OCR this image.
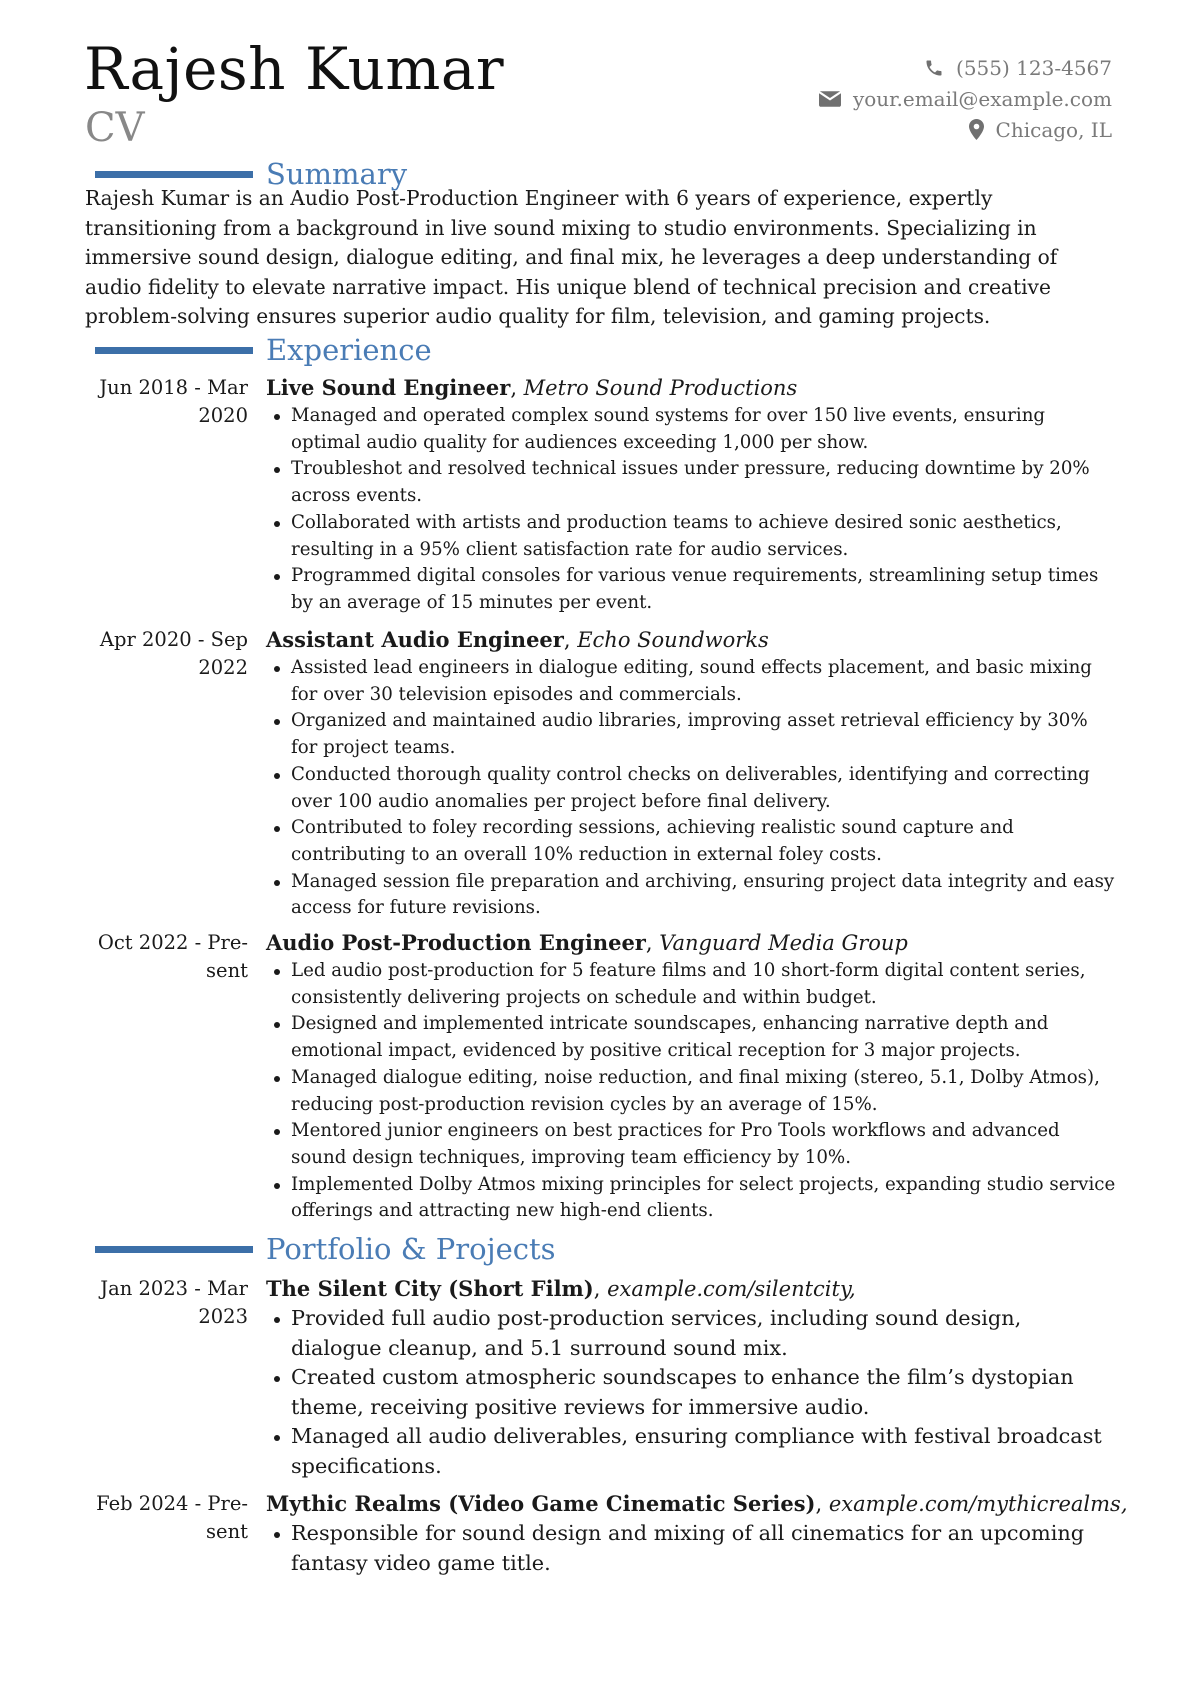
Rajesh Kumar
CV
(555) 123-4567
your.email@example.com
Chicago, IL
Summary

Rajesh Kumar is an Audio Post-Production Engineer with 6 years of experience, expertly transitioning from a background in live sound mixing to studio environments. Specializing in immersive sound design, dialogue editing, and final mix, he leverages a deep understanding of audio fidelity to elevate narrative impact. His unique blend of technical precision and creative problem-solving ensures superior audio quality for film, television, and gaming projects.

Experience
Jun 2018 - Mar
2020
Live Sound Engineer, Metro Sound Productions
Managed and operated complex sound systems for over 150 live events, ensuring optimal audio quality for audiences exceeding 1,000 per show.
Troubleshot and resolved technical issues under pressure, reducing downtime by 20% across events.
Collaborated with artists and production teams to achieve desired sonic aesthetics, resulting in a 95% client satisfaction rate for audio services.
Programmed digital consoles for various venue requirements, streamlining setup times by an average of 15 minutes per event.
Apr 2020 - Sep
2022
Assistant Audio Engineer, Echo Soundworks
Assisted lead engineers in dialogue editing, sound effects placement, and basic mixing for over 30 television episodes and commercials.
Organized and maintained audio libraries, improving asset retrieval efficiency by 30% for project teams.
Conducted thorough quality control checks on deliverables, identifying and correcting over 100 audio anomalies per project before final delivery.
Contributed to foley recording sessions, achieving realistic sound capture and contributing to an overall 10% reduction in external foley costs.
Managed session file preparation and archiving, ensuring project data integrity and easy access for future revisions.
Oct 2022 - Pre-
sent
Audio Post-Production Engineer, Vanguard Media Group
Led audio post-production for 5 feature films and 10 short-form digital content series, consistently delivering projects on schedule and within budget.
Designed and implemented intricate soundscapes, enhancing narrative depth and emotional impact, evidenced by positive critical reception for 3 major projects.
Managed dialogue editing, noise reduction, and final mixing (stereo, 5.1, Dolby Atmos), reducing post-production revision cycles by an average of 15%.
Mentored junior engineers on best practices for Pro Tools workflows and advanced sound design techniques, improving team efficiency by 10%.
Implemented Dolby Atmos mixing principles for select projects, expanding studio service offerings and attracting new high-end clients.
Portfolio & Projects
Jan 2023 - Mar
2023
The Silent City (Short Film), example.com/silentcity,
Provided full audio post-production services, including sound design, dialogue cleanup, and 5.1 surround sound mix.
Created custom atmospheric soundscapes to enhance the film’s dystopian theme, receiving positive reviews for immersive audio.
Managed all audio deliverables, ensuring compliance with festival broadcast specifications.
Feb 2024 - Pre-
sent
Mythic Realms (Video Game Cinematic Series), example.com/mythicrealms,
Responsible for sound design and mixing of all cinematics for an upcoming fantasy video game title.
